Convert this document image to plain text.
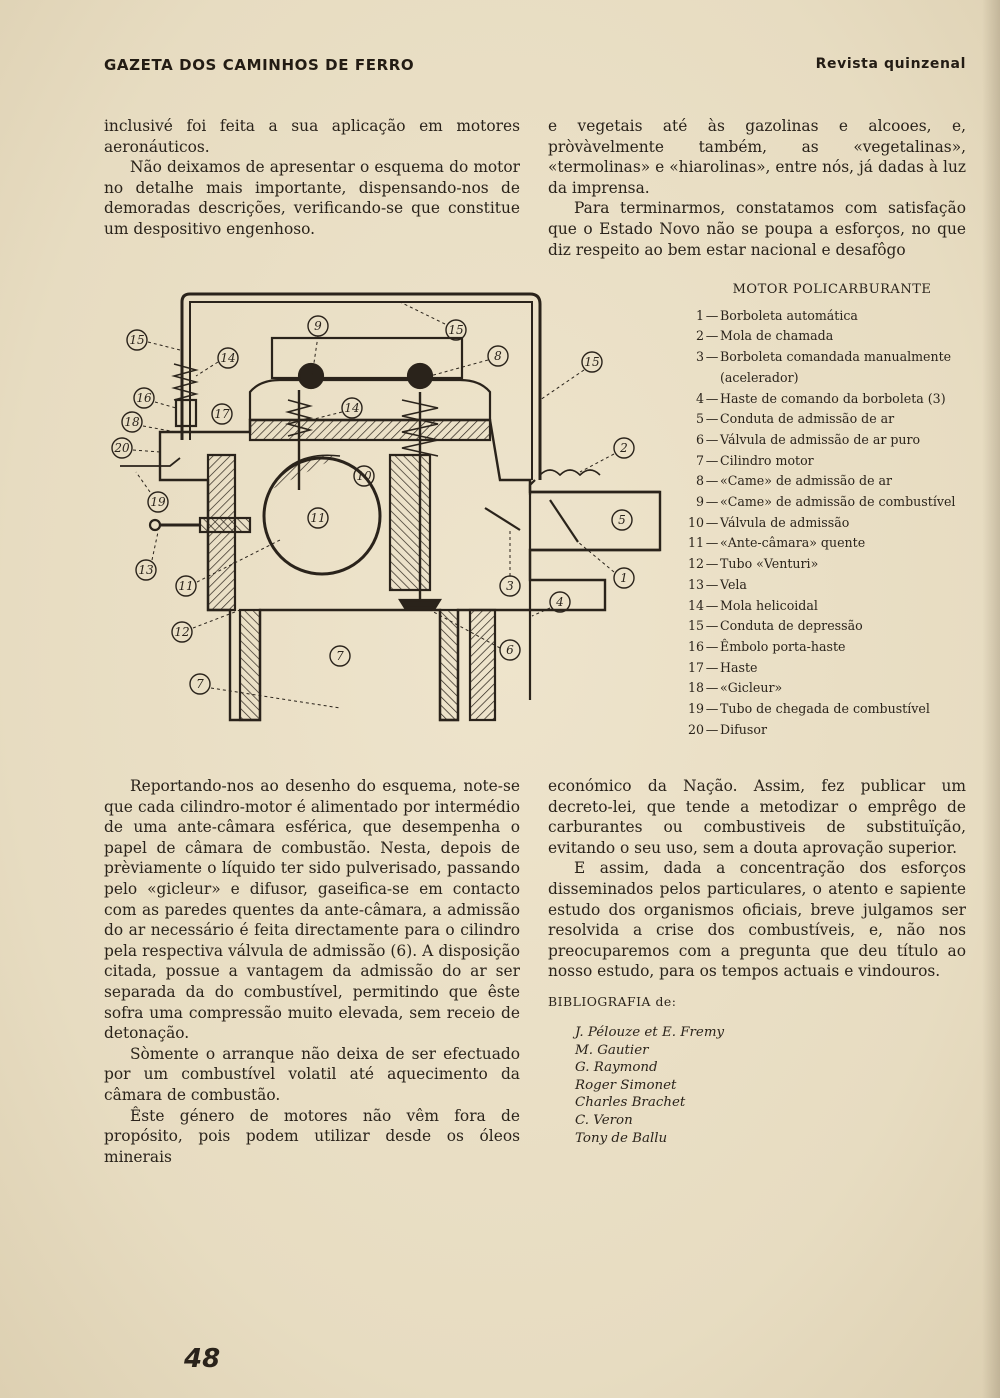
GAZETA DOS CAMINHOS DE FERRO	Revista quinzenal

inclusivé foi feita a sua aplicação em motores aeronáuticos.

Não deixamos de apresentar o esquema do motor no detalhe mais importante, dispensando-nos de demoradas descrições, verificando-se que constitue um despositivo engenhoso.

e vegetais até às gazolinas e alcooes, e, pròvàvelmente também, as «vegetalinas», «termolinas» e «hiarolinas», entre nós, já dadas à luz da imprensa.

Para terminarmos, constatamos com satisfação que o Estado Novo não se poupa a esforços, no que diz respeito ao bem estar nacional e desafôgo

15
9	15
8	15
14
14
16
17
18
20
19
13
11
12
7
7
10
11
2
5
3
1
4
6
MOTOR POLICARBURANTE
1 — Borboleta automática
2 — Mola de chamada
3 — Borboleta comandada manualmente (acelerador)
4 — Haste de comando da borboleta (3)
5 — Conduta de admissão de ar
6 — Válvula de admissão de ar puro
7 — Cilindro motor
8 — «Came» de admissão de ar
9 — «Came» de admissão de combustível
10 — Válvula de admissão
11 — «Ante-câmara» quente
12 — Tubo «Venturi»
13 — Vela
14 — Mola helicoidal
15 — Conduta de depressão
16 — Êmbolo porta-haste
17 — Haste
18 — «Gicleur»
19 — Tubo de chegada de combustível
20 — Difusor

Reportando-nos ao desenho do esquema, note-se que cada cilindro-motor é alimentado por intermédio de uma ante-câmara esférica, que desempenha o papel de câmara de combustão. Nesta, depois de prèviamente o líquido ter sido pulverisado, passando pelo «gicleur» e difusor, gaseifica-se em contacto com as paredes quentes da ante-câmara, a admissão do ar necessário é feita directamente para o cilindro pela respectiva válvula de admissão (6). A disposição citada, possue a vantagem da admissão do ar ser separada da do combustível, permitindo que êste sofra uma compressão muito elevada, sem receio de detonação.

Sòmente o arranque não deixa de ser efectuado por um combustível volatil até aquecimento da câmara de combustão.

Êste género de motores não vêm fora de propósito, pois podem utilizar desde os óleos minerais

económico da Nação. Assim, fez publicar um decreto-lei, que tende a metodizar o emprêgo de carburantes ou combustiveis de substituïção, evitando o seu uso, sem a douta aprovação superior.

E assim, dada a concentração dos esforços disseminados pelos particulares, o atento e sapiente estudo dos organismos oficiais, breve julgamos ser resolvida a crise dos combustíveis, e, não nos preocuparemos com a pregunta que deu título ao nosso estudo, para os tempos actuais e vindouros.

BIBLIOGRAFIA de:
J. Pélouze et E. Fremy
M. Gautier
G. Raymond
Roger Simonet
Charles Brachet
C. Veron
Tony de Ballu
48
